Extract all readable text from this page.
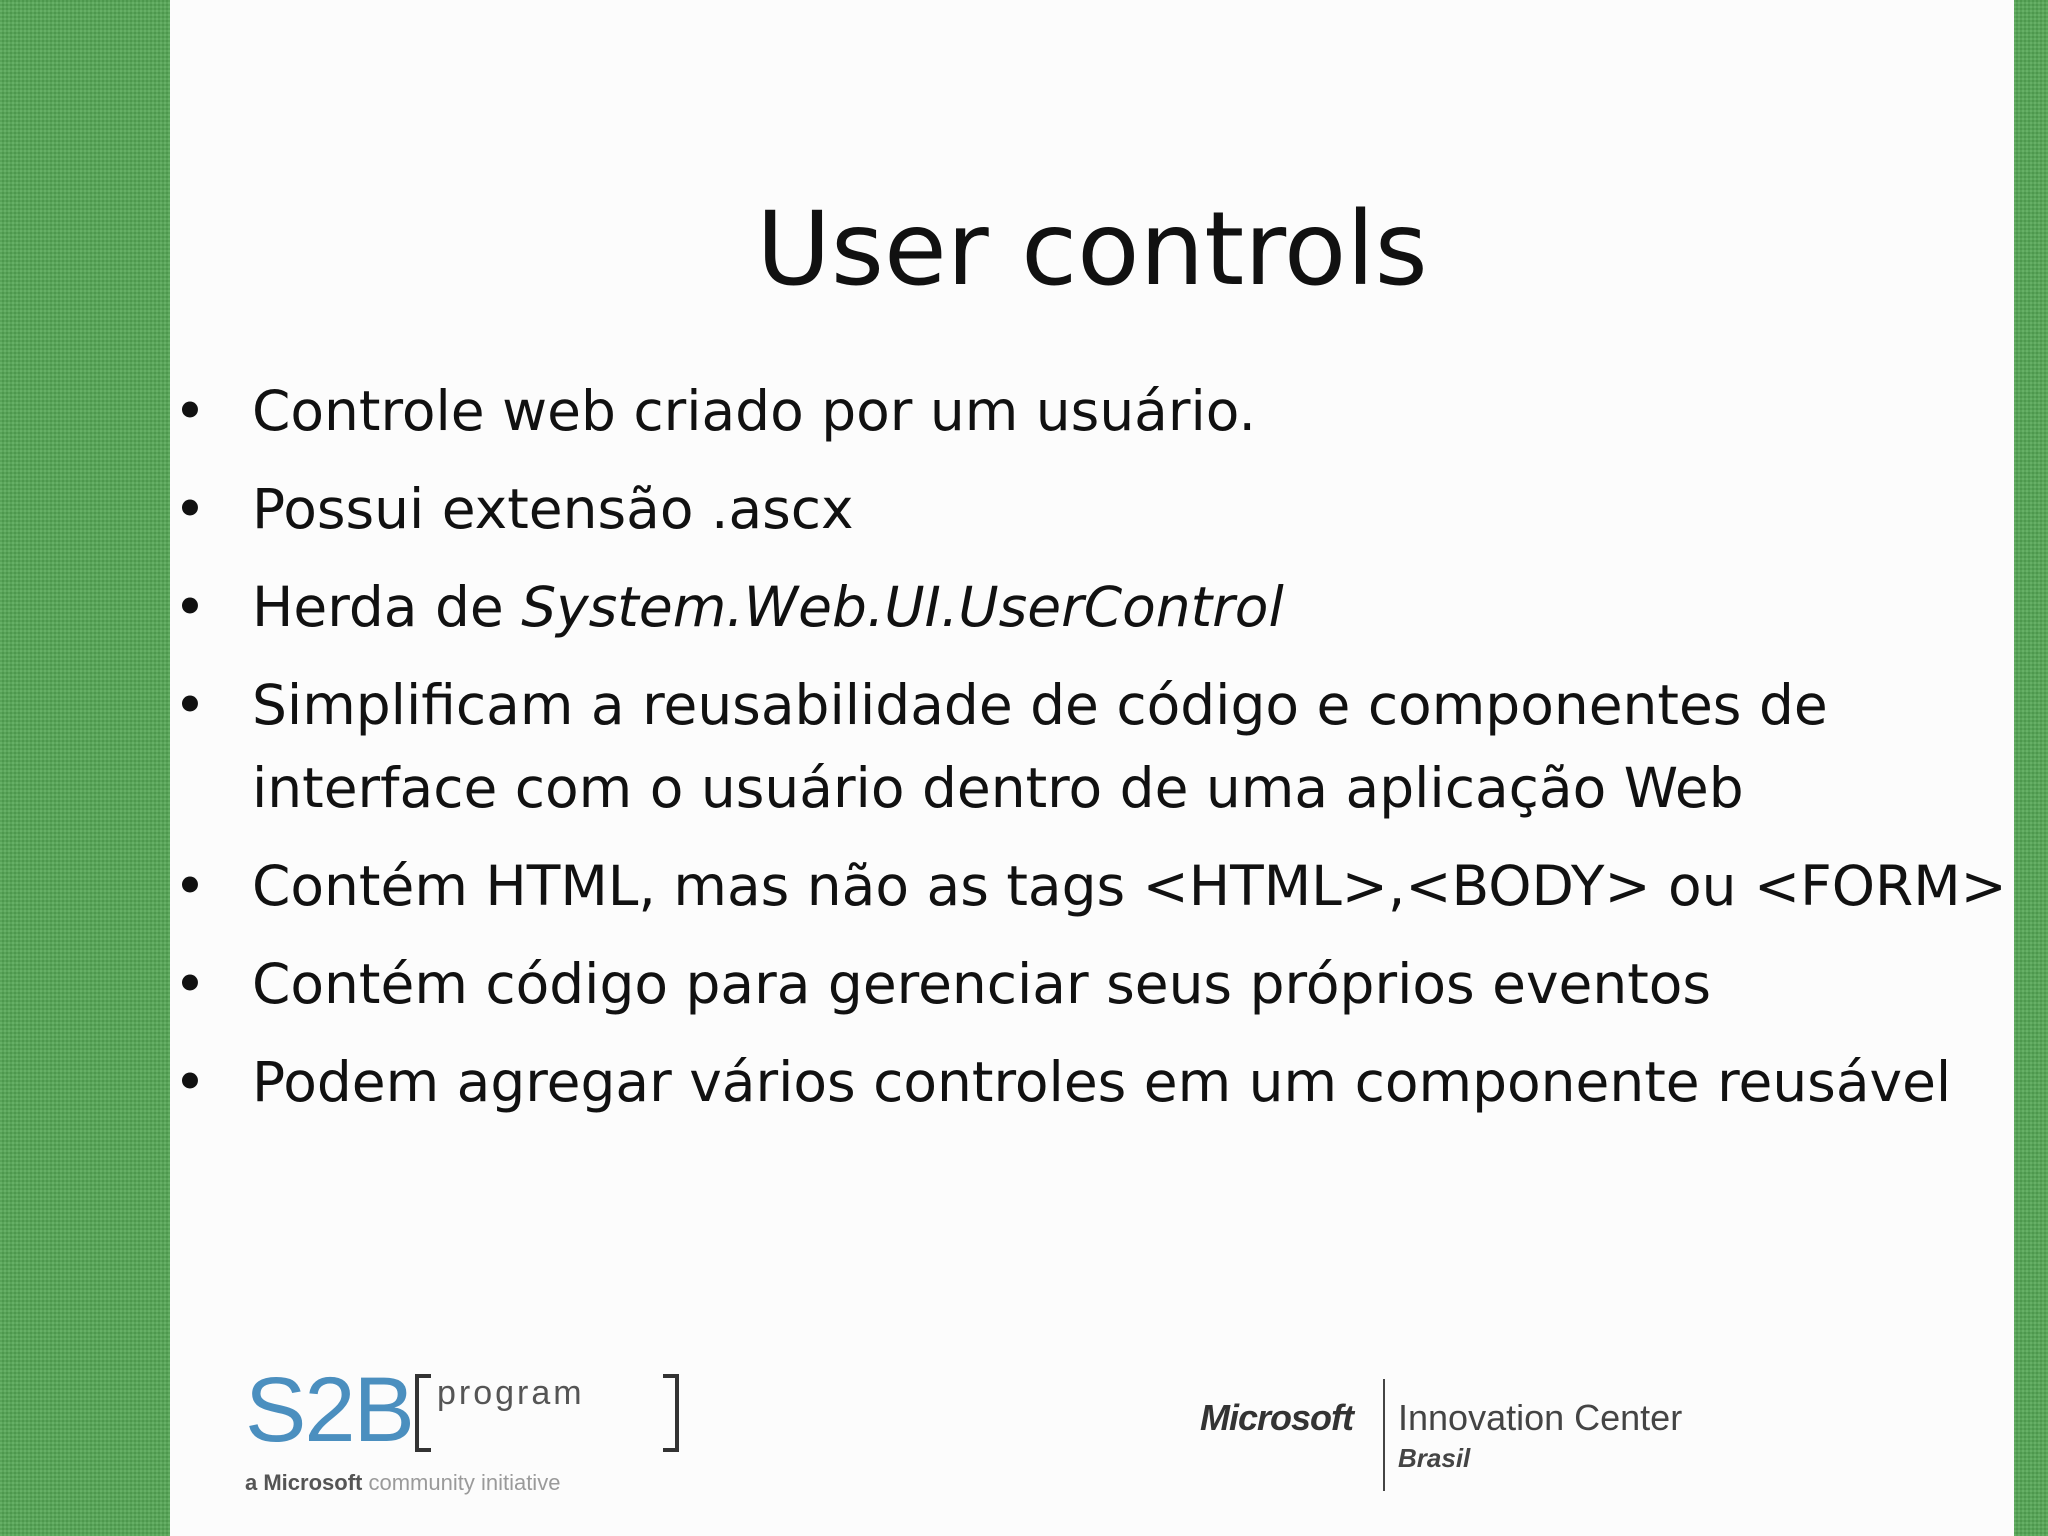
User controls
• Controle web criado por um usuário.
• Possui extensão .ascx
• Herda de System.Web.UI.UserControl
• Simplificam a reusabilidade de código e componentes de interface com o usuário dentro de uma aplicação Web
• Contém HTML, mas não as tags <HTML>,<BODY> ou <FORM>
• Contém código para gerenciar seus próprios eventos
• Podem agregar vários controles em um componente reusável
S2B program
a Microsoft community initiative
Microsoft Innovation Center
Brasil
